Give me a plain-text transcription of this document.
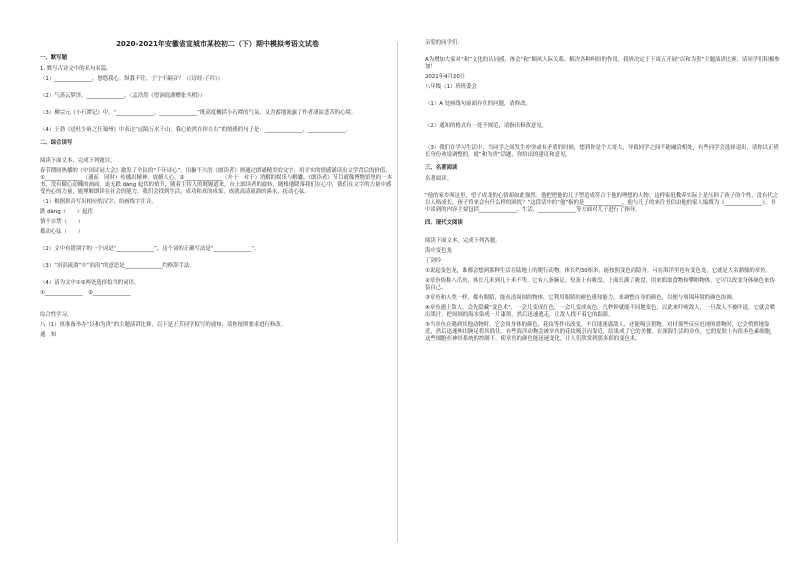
2020-2021年安徽省宣城市某校初二（下）期中模拟考语文试卷
一、默写题
1. 默写古诗文中的名句名篇。
（1）______________，悠悠我心。纵我不往，子宁不嗣音？（《诗经·子衿》）
（2）气蒸云梦泽，______________。（孟浩然《望洞庭湖赠张丞相》）
（3）柳宗元《小石潭记》中，“______________，______________”既高度概括小石潭的气氛，又含蓄地流露了作者凄凉悲苦的心境。
（4）王勃《送杜少府之任蜀州》中表达“远隔万水千山，我心依然在你左右”的情感的句子是：______________，______________。
二、综合读写
阅读下面文本，完成下列题目。
春节期间热播的《中国诗词大会》激发了全民的“千年诗心”。用掘不久的《朗读者》则通过朗诵精美的文字，用平实的情感诵读出文学背后的价值。①______________（通而　同时）传播出精神，震撼人心。②______________（介于　对于）消解的娱乐与解囊。《朗读者》节目就像博物馆里的一本书，没有做心动魄的画面，更无跌 dàng 起伏的情节，随着主持人的娓娓道来，台上朗读者的旋转，随格地降落我们在心中，我们在文字的力量中感受内心的力量，能理解朗读在社会的能力，我们会找到生活，成功和真的成果，成就高清流淌的溪水，抚动心弦。
（1）根据拼音写出相应的汉字，给画线字注音。
跌 dàng（　　）起伏
情不自禁（　　）
拨动心弦（　　）
（2）文中有错别字的一个词是“______________”，这个词的正确写法是“______________”。
（3）“涓涓流淌”中“涓涓”的意思是______________约修辞手法。
（4）请为文中①②两处选择恰当的词语。
①______________　②______________
综合性学习。
八（1）班准备举办“以和为贵”的主题演讲比赛，以下是王芳同学拟写的通知，请你按照要求进行修改。
通　知
亲爱的同学们：
A为增加大家对“和”文化的认同感，体会“和”顺风人际关系、解决各种纠纷的作用，我班决定于下周五开展“以和为贵”主题演讲比赛，请同学们积极参加！
2021年4月20日
八年级（1）班班委会
（1）A 处画线句前面存在的问题，请修改。
（2）通知的格式有一处不规范，请指出修改意见。
（3）我们在学习生活中，当同学之间发生冲突或有矛盾的时候，想到你是个大哥大，导致同学之间不能融洽相处，有些同学会选择退出，请你以正班长身份劝说调整的，就“和为贵”话题，你给出的建议和意见。
三、名著阅读
名著阅读。
“他的家乡叫这里，望子成龙的心情却如此强烈。他把把他的儿子塑造成符合于他的理想的人物。这样家庭教养实际上是压抑了孩子的个性，没有代之以人格成长，孩子将来会有什么样的困扰？”这段话中的“他”指的是______________，他与儿子的来往书信由他的家人编撰为《______________》。书中谈到的内容主要包括______________、生活、______________等方面对儿子进行了指导。
四、现代文阅读
阅读下面文本，完成下列各题。
海中变色龙
丁剑玲
①说起变色龙，谁都会想到那种生活在陆地上的爬行动物。体长约30厘米，能按照变色而隐身。可在海洋里也有变色龙，它就是大名鼎鼎的章鱼。
②章鱼俗称八爪鱼，体长几米到几十米不等。它有八条腕足，每条上有吸盘，上面长满了吸盘，用来抓取食物和攀附物体，它可以改变身体颜色来伪装自己。
③章鱼和人类一样，都有眼睛，能看清周围的物体，它利用眼睛的颜色感知能力，来调整自身的颜色，以便与周围环境的颜色协调。
④章鱼遇上敌人，会先隐藏“变色术”，一会儿变成红色，一会儿变成灰色，几秒钟就能不同地变色，以此来吓唬敌人，一旦敌人不被吓退，它就会喷出墨汁，把周围的海水染成一片漆黑，然后迅速逃走，让敌人找不着它的踪影。
⑤当章鱼在遇到其他动物时，它会用身体的颜色、花纹等作出改变，不仅能迷惑敌人，还能吸引猎物。对付那些反应迟钝的猎物时，它会悄悄地靠近，然后迅速伸出腕足将其抓住。有些海洋动物会被章鱼的花纹吸引而靠近，结果成了它的美餐。在深海生活的章鱼，它的皮肤上有很多色素细胞，这些细胞在神经系统的控制下，使章鱼的颜色能迅速变化，让人们欣赏到那多彩的变色术。
